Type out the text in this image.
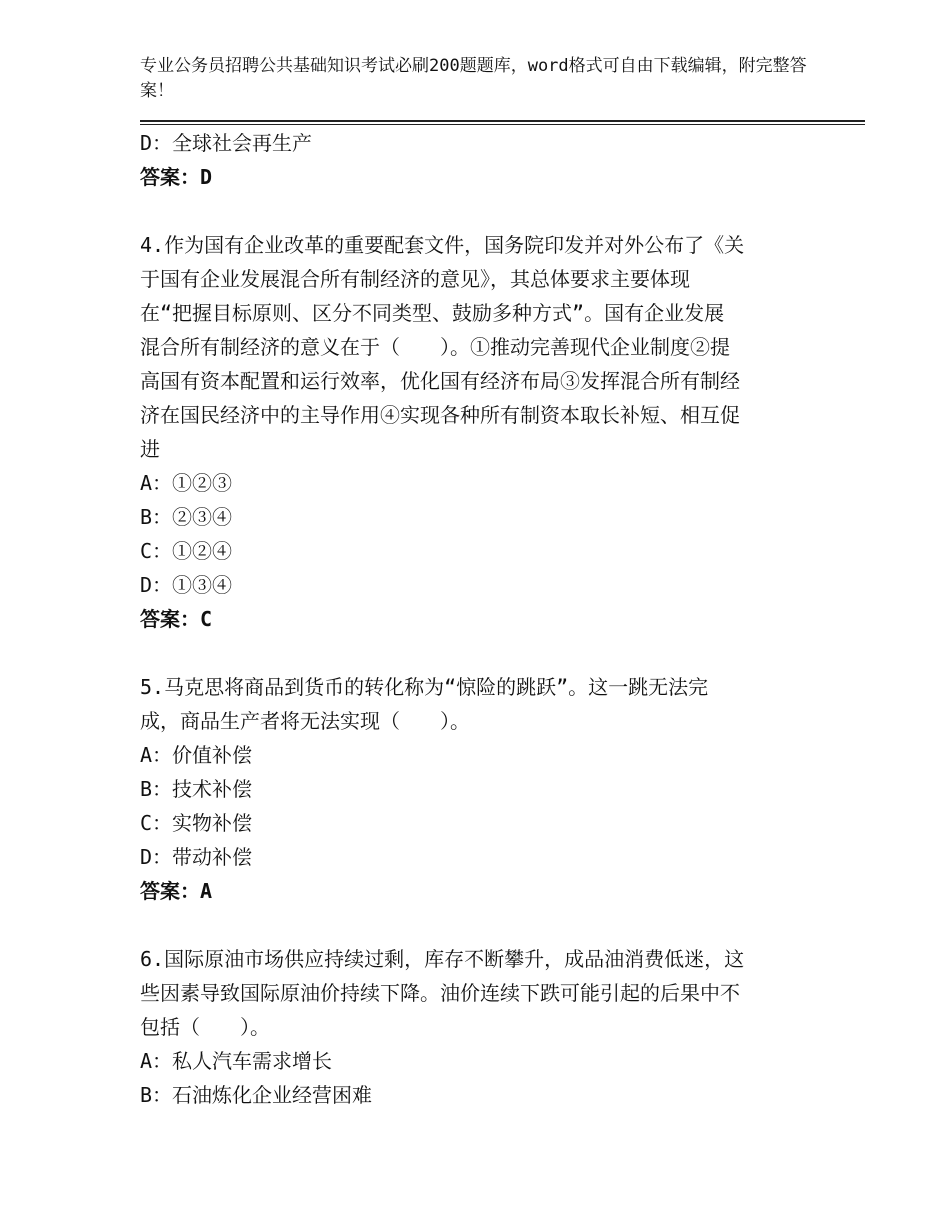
专业公务员招聘公共基础知识考试必刷200题题库，word格式可自由下载编辑，附完整答案！
D：全球社会再生产
答案：D
4.作为国有企业改革的重要配套文件，国务院印发并对外公布了《关
于国有企业发展混合所有制经济的意见》，其总体要求主要体现
在“把握目标原则、区分不同类型、鼓励多种方式”。国有企业发展
混合所有制经济的意义在于（　　）。①推动完善现代企业制度②提
高国有资本配置和运行效率，优化国有经济布局③发挥混合所有制经
济在国民经济中的主导作用④实现各种所有制资本取长补短、相互促
进
A：①②③
B：②③④
C：①②④
D：①③④
答案：C
5.马克思将商品到货币的转化称为“惊险的跳跃”。这一跳无法完
成，商品生产者将无法实现（　　）。
A：价值补偿
B：技术补偿
C：实物补偿
D：带动补偿
答案：A
6.国际原油市场供应持续过剩，库存不断攀升，成品油消费低迷，这
些因素导致国际原油价持续下降。油价连续下跌可能引起的后果中不
包括（　　）。
A：私人汽车需求增长
B：石油炼化企业经营困难
